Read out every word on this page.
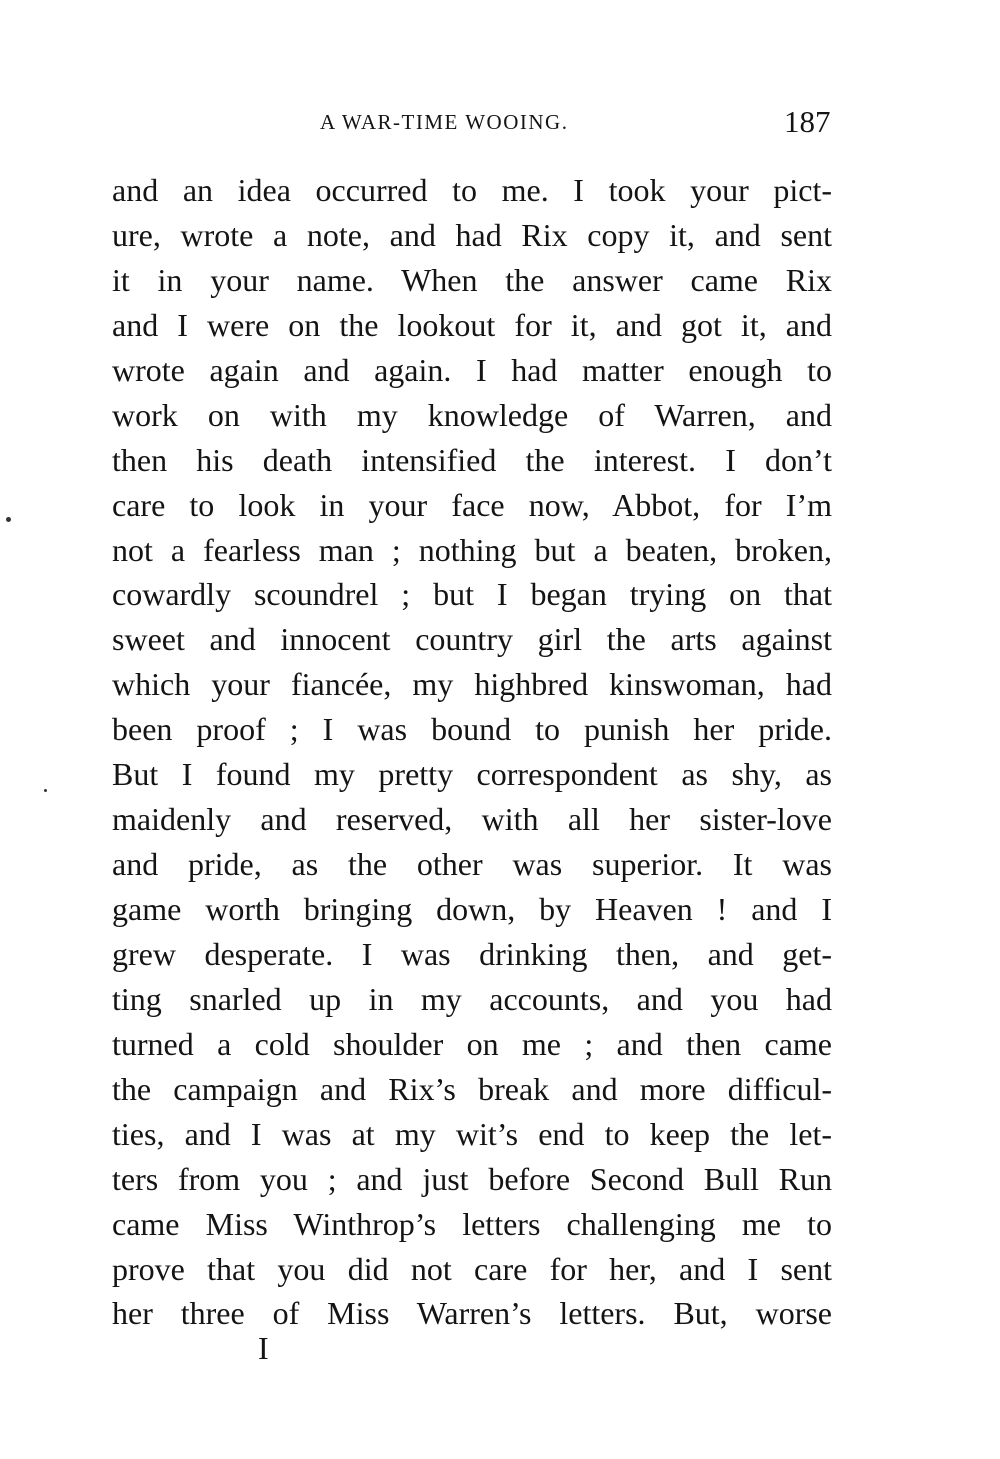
A WAR-TIME WOOING.	187
and an idea occurred to me. I took your pict-
ure, wrote a note, and had Rix copy it, and sent
it in your name. When the answer came Rix
and I were on the lookout for it, and got it, and
wrote again and again. I had matter enough to
work on with my knowledge of Warren, and
then his death intensified the interest. I don’t
care to look in your face now, Abbot, for I’m
not a fearless man ; nothing but a beaten, broken,
cowardly scoundrel ; but I began trying on that
sweet and innocent country girl the arts against
which your fiancée, my highbred kinswoman, had
been proof ; I was bound to punish her pride.
But I found my pretty correspondent as shy, as
maidenly and reserved, with all her sister-love
and pride, as the other was superior. It was
game worth bringing down, by Heaven ! and I
grew desperate. I was drinking then, and get-
ting snarled up in my accounts, and you had
turned a cold shoulder on me ; and then came
the campaign and Rix’s break and more difficul-
ties, and I was at my wit’s end to keep the let-
ters from you ; and just before Second Bull Run
came Miss Winthrop’s letters challenging me to
prove that you did not care for her, and I sent
her three of Miss Warren’s letters. But, worse
I
